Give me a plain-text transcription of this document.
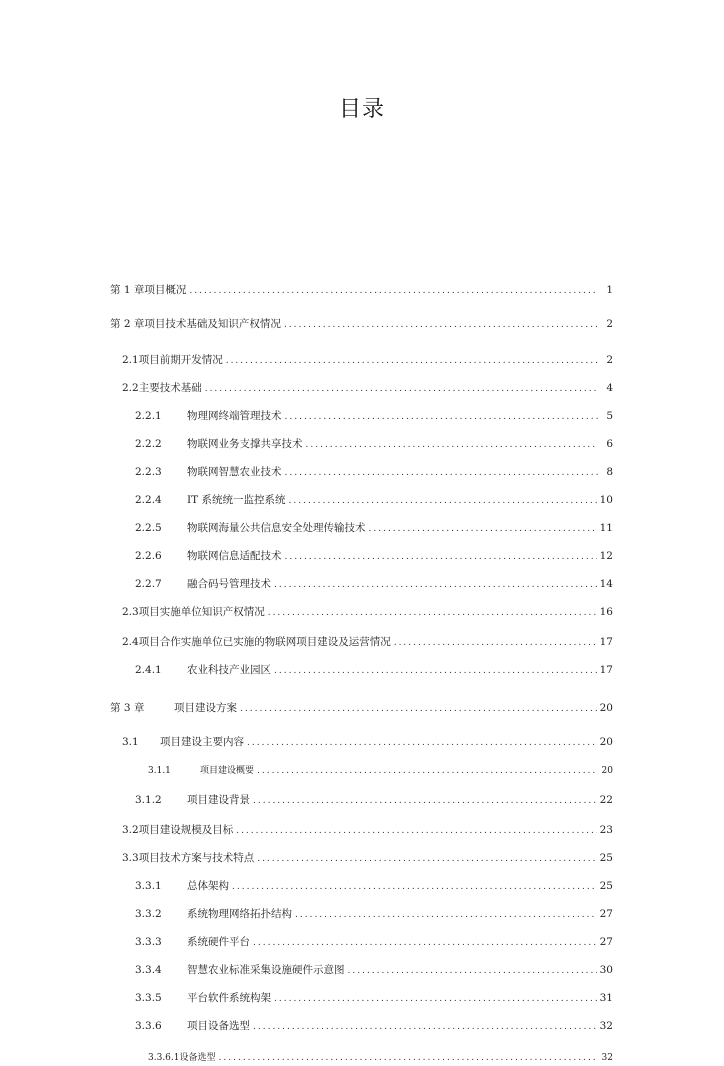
目录
第 1 章 项目概况 .....	1
第 2 章 项目技术基础及知识产权情况 .....	2
2.1 项目前期开发情况 .....	2
2.2 主要技术基础 .....	4
2.2.1	物理网终端管理技术 .....	5
2.2.2	物联网业务支撑共享技术 .....	6
2.2.3	物联网智慧农业技术 .....	8
2.2.4	IT 系统统一监控系统 .....	10
2.2.5	物联网海量公共信息安全处理传输技术 .....	11
2.2.6	物联网信息适配技术 .....	12
2.2.7	融合码号管理技术 .....	14
2.3 项目实施单位知识产权情况 .....	16
2.4 项目合作实施单位已实施的物联网项目建设及运营情况 .....	17
2.4.1	农业科技产业园区 .....	17
第 3 章	项目建设方案 .....	20
3.1	项目建设主要内容 .....	20
3.1.1	项目建设概要 .....	20
3.1.2	项目建设背景 .....	22
3.2 项目建设规模及目标 .....	23
3.3 项目技术方案与技术特点 .....	25
3.3.1	总体架构 .....	25
3.3.2	系统物理网络拓扑结构 .....	27
3.3.3	系统硬件平台 .....	27
3.3.4	智慧农业标准采集设施硬件示意图 .....	30
3.3.5	平台软件系统构架 .....	31
3.3.6	项目设备选型 .....	32
3.3.6.1 设备选型 .....	32
